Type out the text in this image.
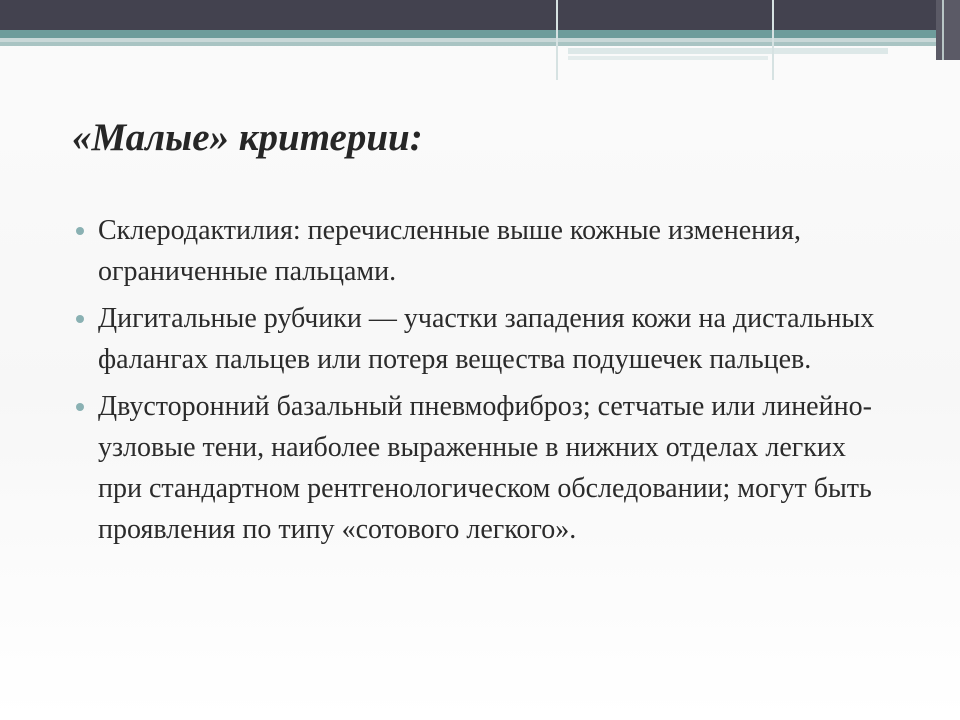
«Малые» критерии:
Склеродактилия: перечисленные выше кожные изменения, ограниченные пальцами.
Дигитальные рубчики — участки западения кожи на дистальных фалангах пальцев или потеря вещества подушечек пальцев.
Двусторонний базальный пневмофиброз; сетчатые или линейно-узловые тени, наиболее выраженные в нижних отделах легких при стандартном рентгенологическом обследовании; могут быть проявления по типу «сотового легкого».
